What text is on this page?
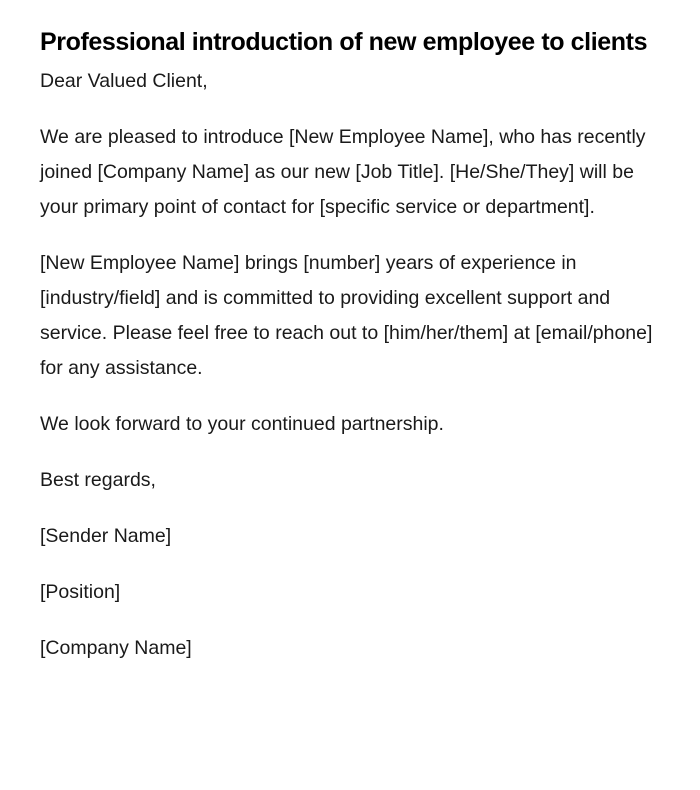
Professional introduction of new employee to clients

Dear Valued Client,

We are pleased to introduce [New Employee Name], who has recently joined [Company Name] as our new [Job Title]. [He/She/They] will be your primary point of contact for [specific service or department].

[New Employee Name] brings [number] years of experience in [industry/field] and is committed to providing excellent support and service. Please feel free to reach out to [him/her/them] at [email/phone] for any assistance.

We look forward to your continued partnership.

Best regards,

[Sender Name]

[Position]

[Company Name]
